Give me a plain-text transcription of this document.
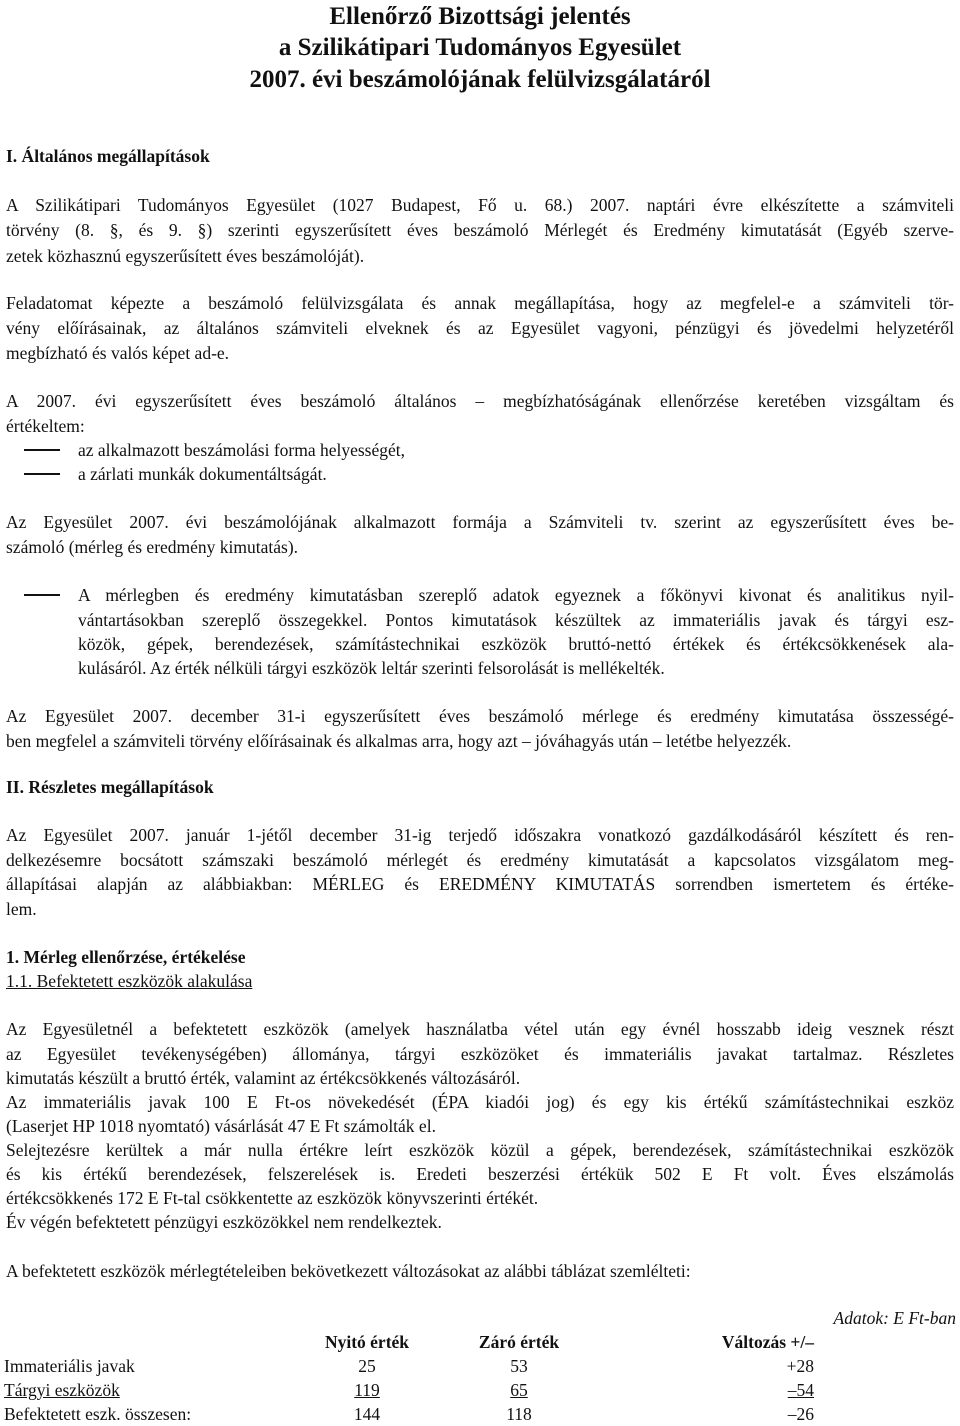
Ellenőrző Bizottsági jelentés
a Szilikátipari Tudományos Egyesület
2007. évi beszámolójának felülvizsgálatáról
I. Általános megállapítások
A Szilikátipari Tudományos Egyesület (1027 Budapest, Fő u. 68.) 2007. naptári évre elkészítette a számviteli
törvény (8. §, és 9. §) szerinti egyszerűsített éves beszámoló Mérlegét és Eredmény kimutatását (Egyéb szerve-
zetek közhasznú egyszerűsített éves beszámolóját).
Feladatomat képezte a beszámoló felülvizsgálata és annak megállapítása, hogy az megfelel-e a számviteli tör-
vény előírásainak, az általános számviteli elveknek és az Egyesület vagyoni, pénzügyi és jövedelmi helyzetéről
megbízható és valós képet ad-e.
A 2007. évi egyszerűsített éves beszámoló általános – megbízhatóságának ellenőrzése keretében vizsgáltam és
értékeltem:
az alkalmazott beszámolási forma helyességét,
a zárlati munkák dokumentáltságát.
Az Egyesület 2007. évi beszámolójának alkalmazott formája a Számviteli tv. szerint az egyszerűsített éves be-
számoló (mérleg és eredmény kimutatás).
A mérlegben és eredmény kimutatásban szereplő adatok egyeznek a főkönyvi kivonat és analitikus nyil-
vántartásokban szereplő összegekkel. Pontos kimutatások készültek az immateriális javak és tárgyi esz-
közök, gépek, berendezések, számítástechnikai eszközök bruttó-nettó értékek és értékcsökkenések ala-
kulásáról. Az érték nélküli tárgyi eszközök leltár szerinti felsorolását is mellékelték.
Az Egyesület 2007. december 31-i egyszerűsített éves beszámoló mérlege és eredmény kimutatása összességé-
ben megfelel a számviteli törvény előírásainak és alkalmas arra, hogy azt – jóváhagyás után – letétbe helyezzék.
II. Részletes megállapítások
Az Egyesület 2007. január 1-jétől december 31-ig terjedő időszakra vonatkozó gazdálkodásáról készített és ren-
delkezésemre bocsátott számszaki beszámoló mérlegét és eredmény kimutatását a kapcsolatos vizsgálatom meg-
állapításai alapján az alábbiakban: MÉRLEG és EREDMÉNY KIMUTATÁS sorrendben ismertetem és értéke-
lem.
1. Mérleg ellenőrzése, értékelése
1.1. Befektetett eszközök alakulása
Az Egyesületnél a befektetett eszközök (amelyek használatba vétel után egy évnél hosszabb ideig vesznek részt
az Egyesület tevékenységében) állománya, tárgyi eszközöket és immateriális javakat tartalmaz. Részletes
kimutatás készült a bruttó érték, valamint az értékcsökkenés változásáról.
Az immateriális javak 100 E Ft-os növekedését (ÉPA kiadói jog) és egy kis értékű számítástechnikai eszköz
(Laserjet HP 1018 nyomtató) vásárlását 47 E Ft számolták el.
Selejtezésre kerültek a már nulla értékre leírt eszközök közül a gépek, berendezések, számítástechnikai eszközök
és kis értékű berendezések, felszerelések is. Eredeti beszerzési értékük 502 E Ft volt. Éves elszámolás
értékcsökkenés 172 E Ft-tal csökkentette az eszközök könyvszerinti értékét.
Év végén befektetett pénzügyi eszközökkel nem rendelkeztek.
A befektetett eszközök mérlegtételeiben bekövetkezett változásokat az alábbi táblázat szemlélteti:
Adatok: E Ft-ban
	Nyitó érték	Záró érték	Változás +/–
Immateriális javak	25	53	+28
Tárgyi eszközök	119	65	–54
Befektetett eszk. összesen:	144	118	–26
